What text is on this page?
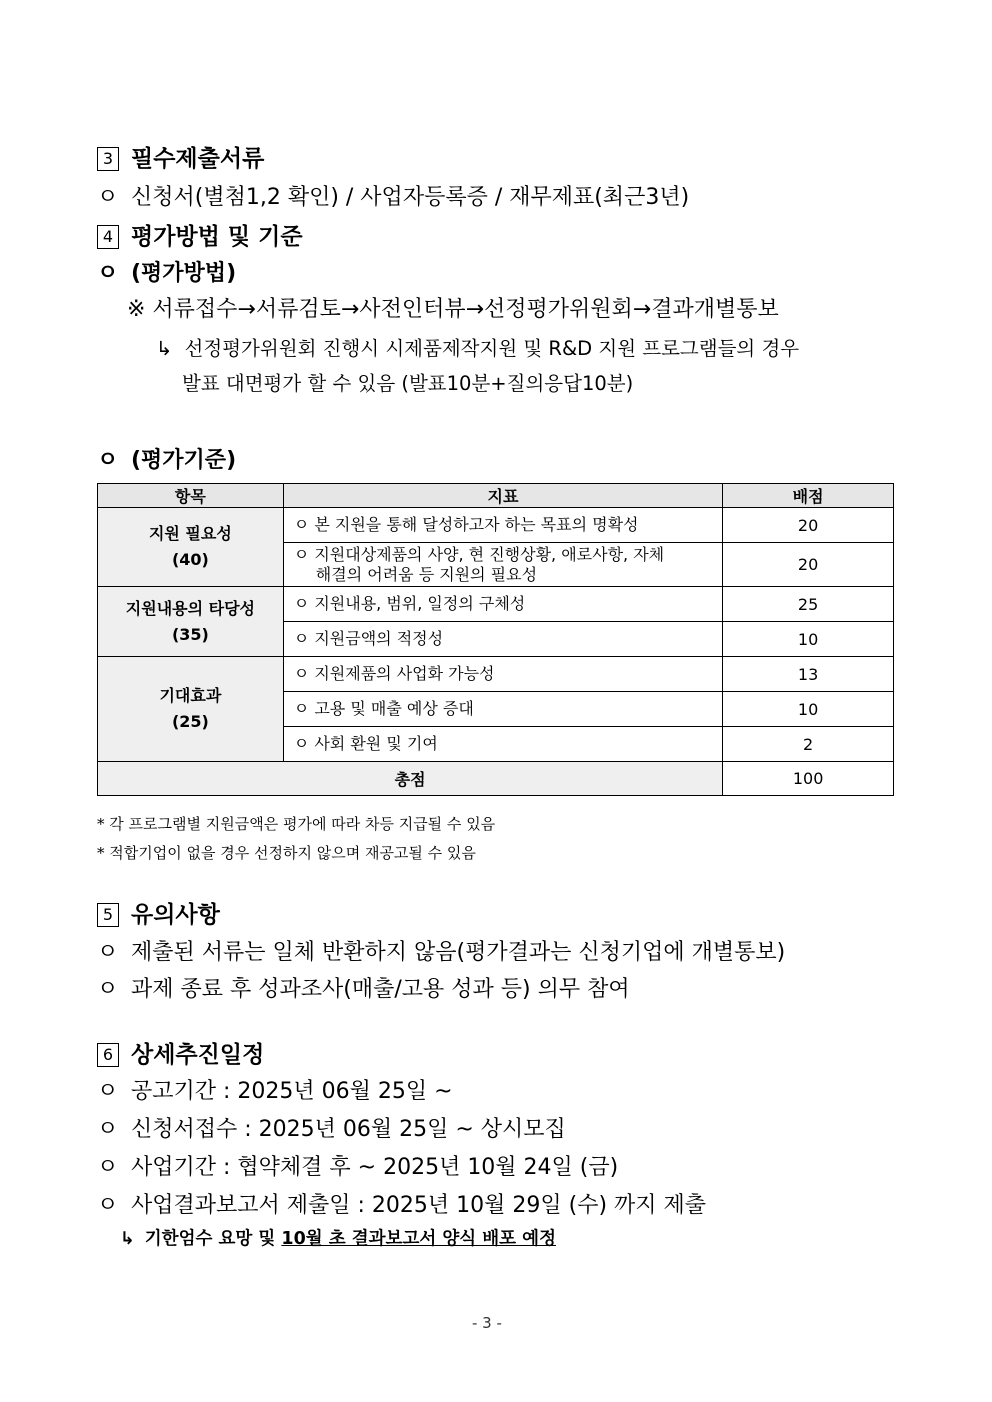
3 필수제출서류
ㅇ 신청서(별첨1,2 확인) / 사업자등록증 / 재무제표(최근3년)
4 평가방법 및 기준
ㅇ (평가방법)
※ 서류접수→서류검토→사전인터뷰→선정평가위원회→결과개별통보
↳ 선정평가위원회 진행시 시제품제작지원 및 R&D 지원 프로그램들의 경우
발표 대면평가 할 수 있음 (발표10분+질의응답10분)
ㅇ (평가기준)
항목	지표	배점

지원 필요성
(40)	ㅇ 본 지원을 통해 달성하고자 하는 목표의 명확성	20

	ㅇ 지원대상제품의 사양, 현 진행상황, 애로사항, 자체
해결의 어려움 등 지원의 필요성	20

지원내용의 타당성
(35)	ㅇ 지원내용, 범위, 일정의 구체성	25
	ㅇ 지원금액의 적정성	10

기대효과
(25)	ㅇ 지원제품의 사업화 가능성	13
	ㅇ 고용 및 매출 예상 증대	10
	ㅇ 사회 환원 및 기여	2
총점		100
* 각 프로그램별 지원금액은 평가에 따라 차등 지급될 수 있음
* 적합기업이 없을 경우 선정하지 않으며 재공고될 수 있음
5 유의사항
ㅇ 제출된 서류는 일체 반환하지 않음(평가결과는 신청기업에 개별통보)
ㅇ 과제 종료 후 성과조사(매출/고용 성과 등) 의무 참여
6 상세추진일정
ㅇ 공고기간 : 2025년 06월 25일 ~
ㅇ 신청서접수 : 2025년 06월 25일 ~ 상시모집
ㅇ 사업기간 : 협약체결 후 ~ 2025년 10월 24일 (금)
ㅇ 사업결과보고서 제출일 : 2025년 10월 29일 (수) 까지 제출
↳ 기한엄수 요망 및 10월 초 결과보고서 양식 배포 예정
- 3 -
